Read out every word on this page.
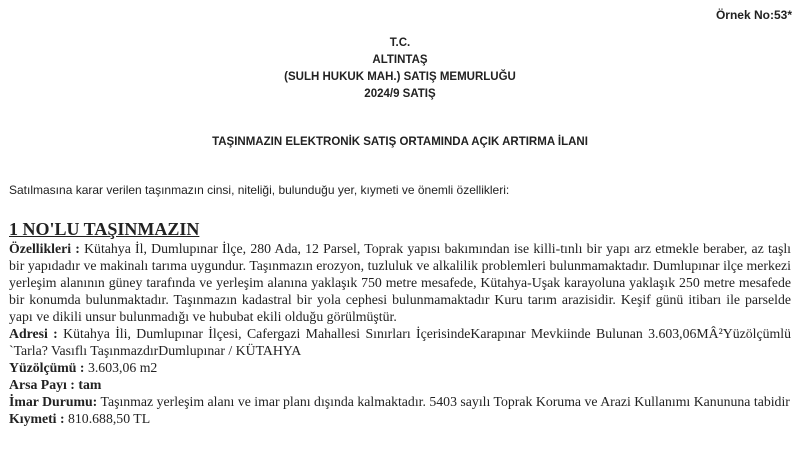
Örnek No:53*
T.C.
ALTINTAŞ
(SULH HUKUK MAH.) SATIŞ MEMURLUĞU
2024/9 SATIŞ
TAŞINMAZIN ELEKTRONİK SATIŞ ORTAMINDA AÇIK ARTIRMA İLANI
Satılmasına karar verilen taşınmazın cinsi, niteliği, bulunduğu yer, kıymeti ve önemli özellikleri:
1 NO'LU TAŞINMAZIN

Özellikleri : Kütahya İl, Dumlupınar İlçe, 280 Ada, 12 Parsel, Toprak yapısı bakımından ise killi-tınlı bir yapı arz etmekle beraber, az taşlı bir yapıdadır ve makinalı tarıma uygundur. Taşınmazın erozyon, tuzluluk ve alkalilik problemleri bulunmamaktadır. Dumlupınar ilçe merkezi yerleşim alanının güney tarafında ve yerleşim alanına yaklaşık 750 metre mesafede, Kütahya-Uşak karayoluna yaklaşık 250 metre mesafede bir konumda bulunmaktadır. Taşınmazın kadastral bir yola cephesi bulunmamaktadır Kuru tarım arazisidir. Keşif günü itibarı ile parselde yapı ve dikili unsur bulunmadığı ve hububat ekili olduğu görülmüştür.

Adresi : Kütahya İli, Dumlupınar İlçesi, Cafergazi Mahallesi Sınırları İçerisindeKarapınar Mevkiinde Bulunan 3.603,06MÂ²Yüzölçümlü `Tarla? Vasıflı TaşınmazdırDumlupınar / KÜTAHYA

Yüzölçümü : 3.603,06 m2

Arsa Payı : tam

İmar Durumu: Taşınmaz yerleşim alanı ve imar planı dışında kalmaktadır. 5403 sayılı Toprak Koruma ve Arazi Kullanımı Kanununa tabidir

Kıymeti : 810.688,50 TL
